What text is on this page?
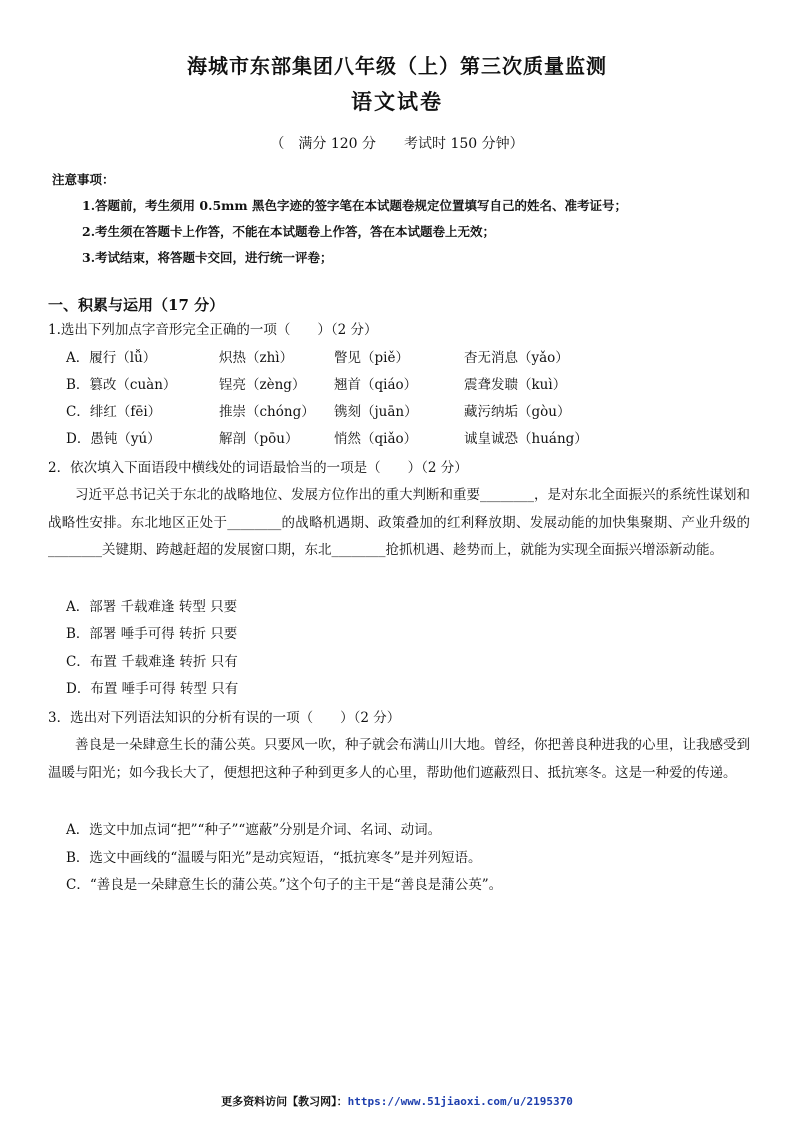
海城市东部集团八年级（上）第三次质量监测
语文试卷
（　满分 120 分　　考试时 150 分钟）
注意事项：
1.答题前，考生须用 0.5mm 黑色字迹的签字笔在本试题卷规定位置填写自己的姓名、准考证号；
2.考生须在答题卡上作答，不能在本试题卷上作答，答在本试题卷上无效；
3.考试结束，将答题卡交回，进行统一评卷；
一、积累与运用（17 分）
1.选出下列加点字音形完全正确的一项（　　）（2 分）
A．履行（lǚ）	炽热（zhì）	瞥见（piě）	杳无消息（yǎo）
B．篡改（cuàn）	锃亮（zèng） 翘首（qiáo）	震聋发聩（kuì）
C．绯红（fēi）	推崇（chóng） 镌刻（juān）	藏污纳垢（gòu）
D．愚钝（yú）	解剖（pōu）	悄然（qiǎo）	诚皇诚恐（huáng）
2．依次填入下面语段中横线处的词语最恰当的一项是（　　）（2 分）
习近平总书记关于东北的战略地位、发展方位作出的重大判断和重要________，是对东北全面振兴的系统性谋划和战略性安排。东北地区正处于________的战略机遇期、政策叠加的红利释放期、发展动能的加快集聚期、产业升级的________关键期、跨越赶超的发展窗口期，东北________抢抓机遇、趁势而上，就能为实现全面振兴增添新动能。
A．部署 千载难逢 转型 只要
B．部署 唾手可得 转折 只要
C．布置 千载难逢 转折 只有
D．布置 唾手可得 转型 只有
3．选出对下列语法知识的分析有误的一项（　　）（2 分）
善良是一朵肆意生长的蒲公英。只要风一吹，种子就会布满山川大地。曾经，你把善良种进我的心里，让我感受到温暖与阳光；如今我长大了，便想把这种子种到更多人的心里，帮助他们遮蔽烈日、抵抗寒冬。这是一种爱的传递。
A．选文中加点词“把”“种子”“遮蔽”分别是介词、名词、动词。
B．选文中画线的“温暖与阳光”是动宾短语，“抵抗寒冬”是并列短语。
C．“善良是一朵肆意生长的蒲公英。”这个句子的主干是“善良是蒲公英”。
更多资料访问【教习网】：https://www.51jiaoxi.com/u/2195370
